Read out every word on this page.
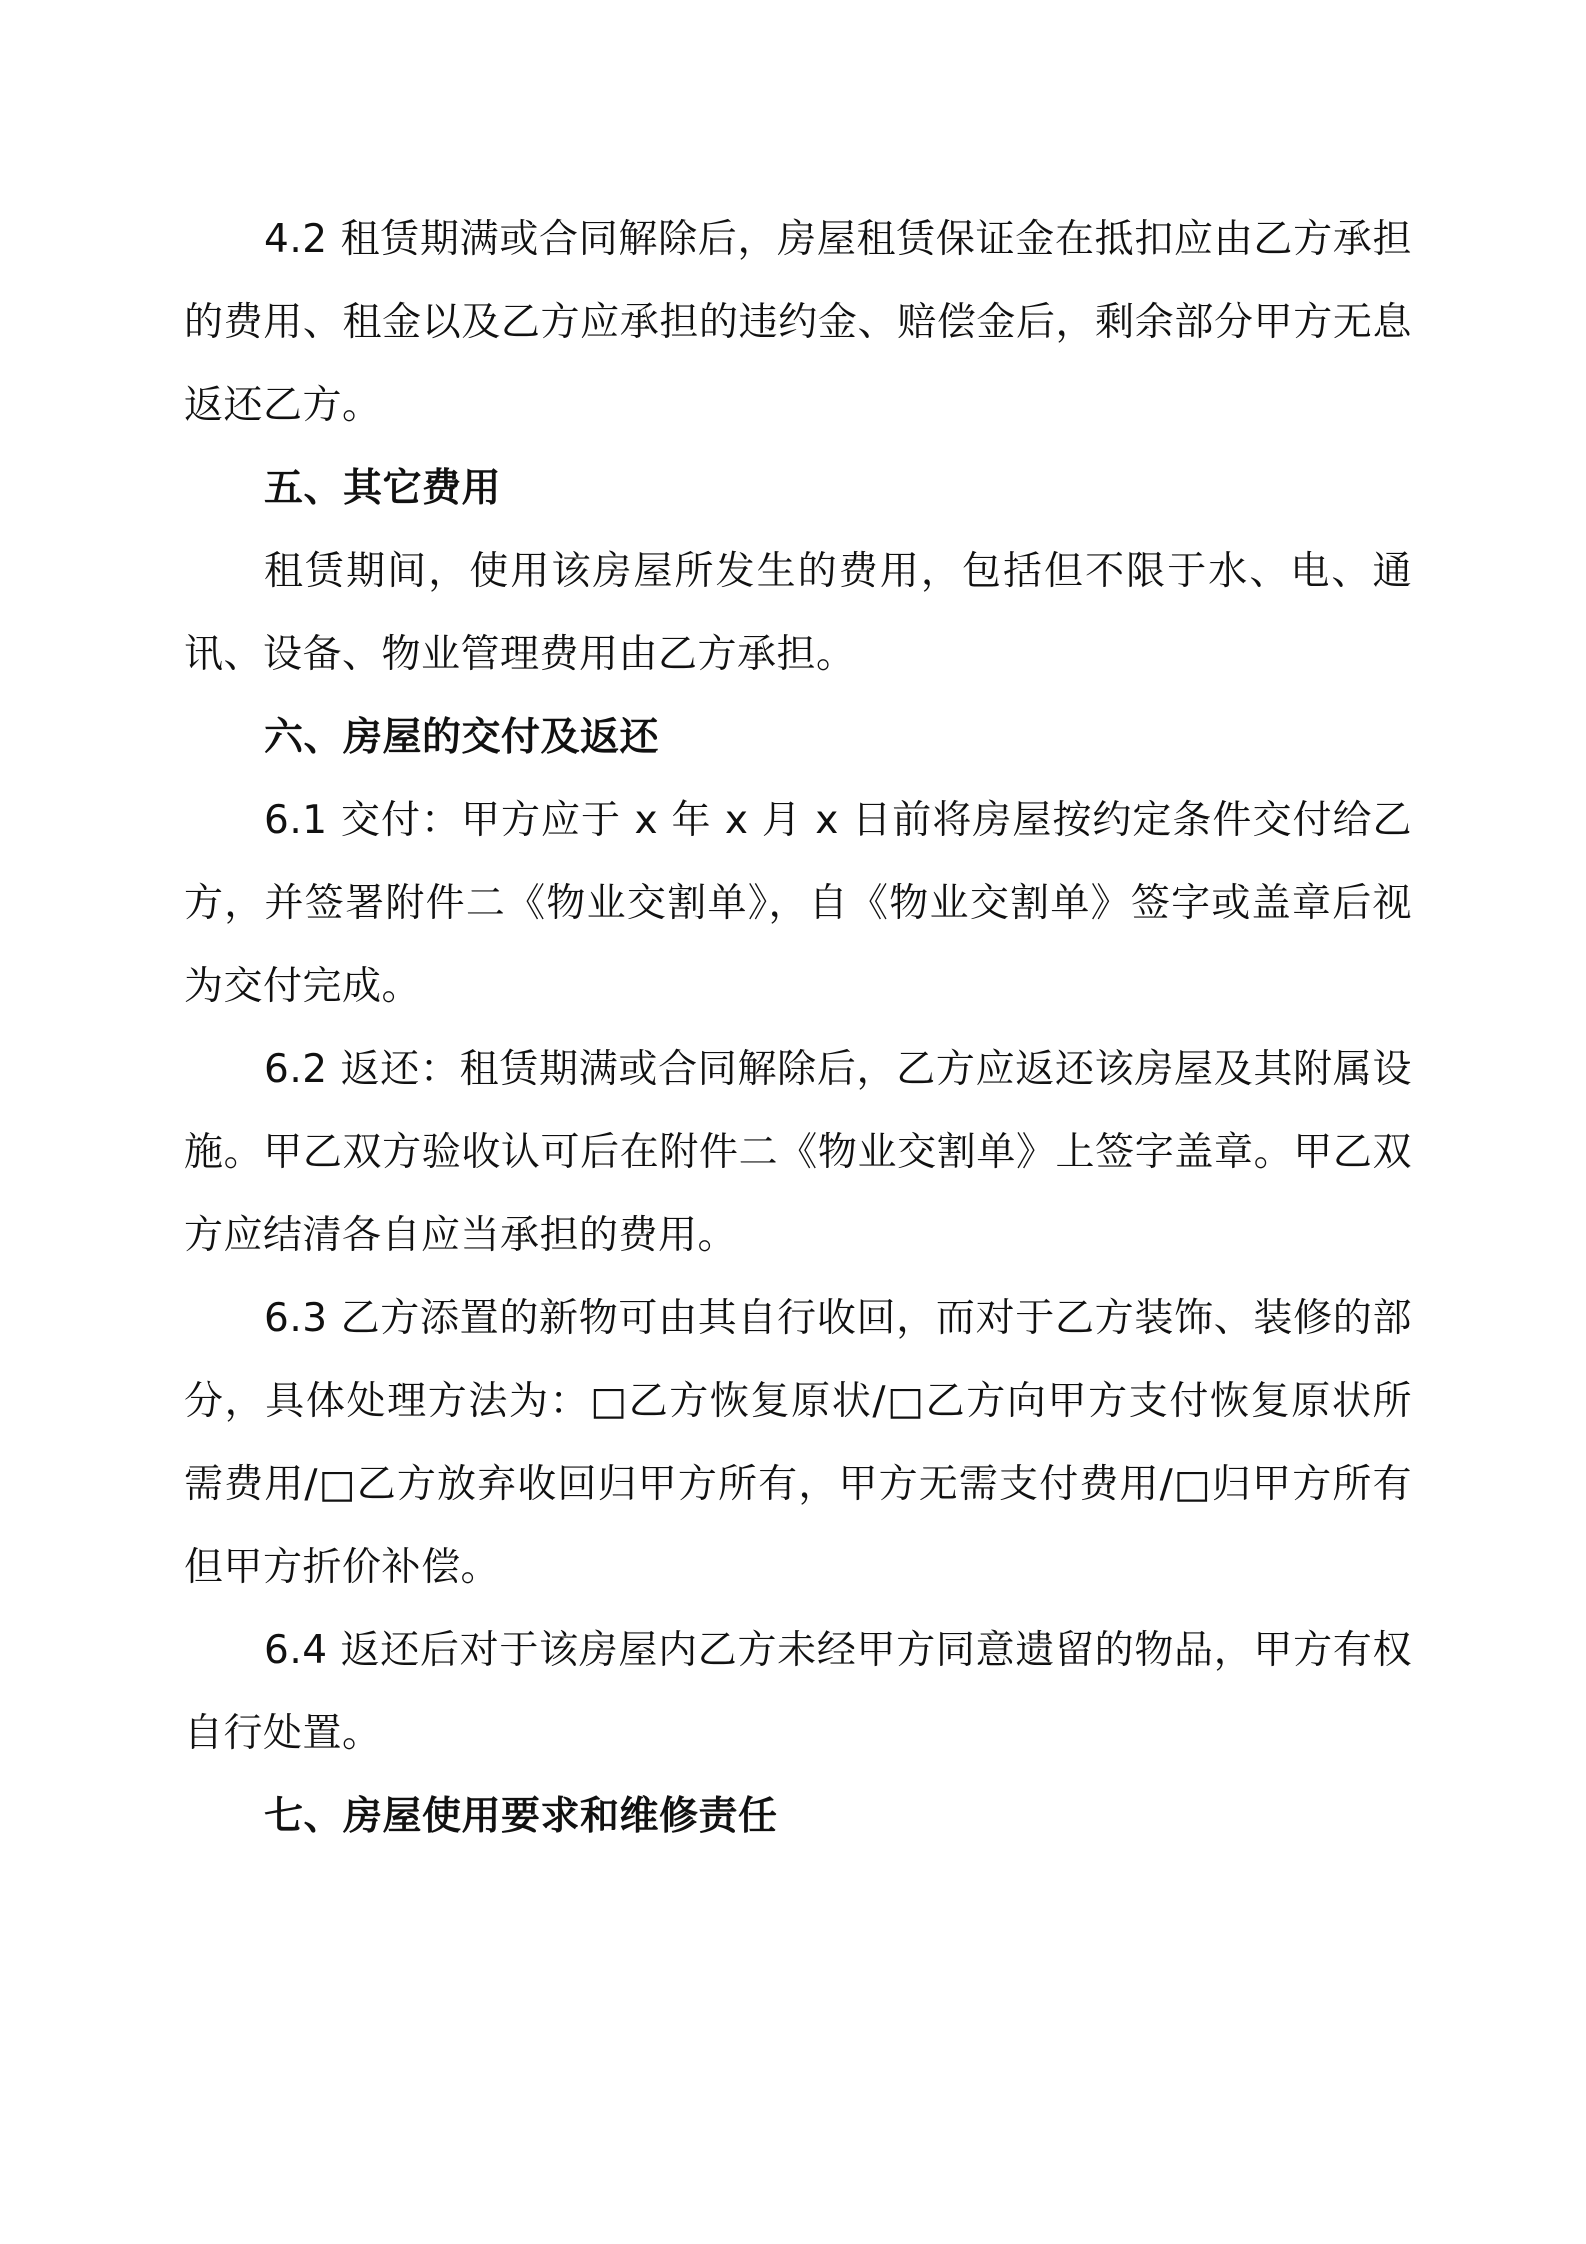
4.2 租赁期满或合同解除后，房屋租赁保证金在抵扣应由乙方承担的费用、租金以及乙方应承担的违约金、赔偿金后，剩余部分甲方无息返还乙方。

五、其它费用

租赁期间，使用该房屋所发生的费用，包括但不限于水、电、通讯、设备、物业管理费用由乙方承担。

六、房屋的交付及返还

6.1 交付：甲方应于 x 年 x 月 x 日前将房屋按约定条件交付给乙方，并签署附件二《物业交割单》，自《物业交割单》签字或盖章后视为交付完成。

6.2 返还：租赁期满或合同解除后，乙方应返还该房屋及其附属设施。甲乙双方验收认可后在附件二《物业交割单》上签字盖章。甲乙双方应结清各自应当承担的费用。

6.3 乙方添置的新物可由其自行收回，而对于乙方装饰、装修的部分，具体处理方法为：□乙方恢复原状/□乙方向甲方支付恢复原状所需费用/□乙方放弃收回归甲方所有，甲方无需支付费用/□归甲方所有但甲方折价补偿。

6.4 返还后对于该房屋内乙方未经甲方同意遗留的物品，甲方有权自行处置。

七、房屋使用要求和维修责任
